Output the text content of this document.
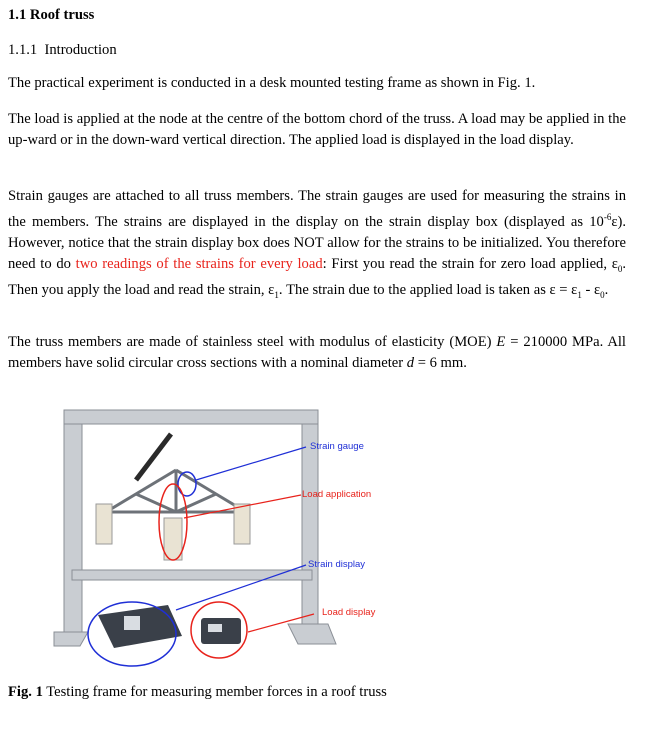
1.1 Roof truss
1.1.1 Introduction
The practical experiment is conducted in a desk mounted testing frame as shown in Fig. 1.
The load is applied at the node at the centre of the bottom chord of the truss. A load may be applied in the up-ward or in the down-ward vertical direction. The applied load is displayed in the load display.
Strain gauges are attached to all truss members. The strain gauges are used for measuring the strains in the members. The strains are displayed in the display on the strain display box (displayed as $10^{-6}\varepsilon$). However, notice that the strain display box does NOT allow for the strains to be initialized. You therefore need to do two readings of the strains for every load: First you read the strain for zero load applied, $\varepsilon_0$. Then you apply the load and read the strain, $\varepsilon_1$. The strain due to the applied load is taken as $\varepsilon = \varepsilon_1 - \varepsilon_0$.
The truss members are made of stainless steel with modulus of elasticity (MOE) E = 210000 MPa. All members have solid circular cross sections with a nominal diameter d = 6 mm.
Strain gauge
Load application
Strain display
Load display
Fig. 1 Testing frame for measuring member forces in a roof truss
